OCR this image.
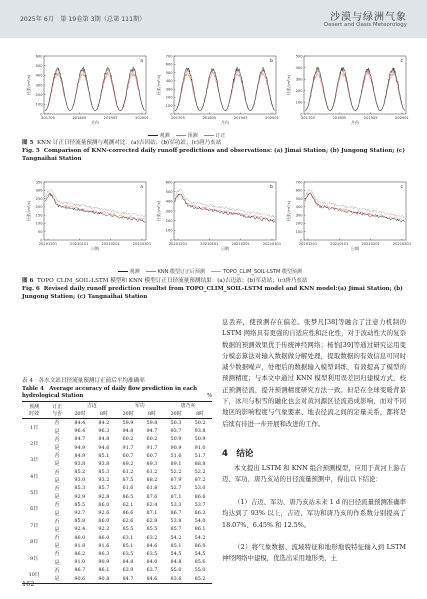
2025年 6月　第 19卷第 3期（总第 111期）	沙漠与绿洲气象
Desert and Oasis Meteorology
0
100
200
300
400
500
600
201705	201805	201905	202001
a
径流/(m³/s)
月份
0
100
200
300
400
500
600
700
201705	201805	201905	202001
b
径流/(m³/s)
月份
0
100
200
300
400
500
201705	201805	201905	202001
c
径流/(m³/s)
月份
观测	预测	订正
图 5 KNN 订正日径流量预测与观测对比：(a)吉因站；(b)军功站；(c)唐乃亥站
Fig. 5 Comparison of KNN-corrected daily runoff predictions and observations: (a) Jimai Station; (b) Jungong Station; (c) Tangnaihai Station
0
50
100
150
200
250
300
350
20201201	20210101	20210201	20210301
a
径流/(m³/s)
日期
0
100
200
300
400
500
600
20201201	20210101	20210201	20210301
b
径流/(m³/s)
日期
0
100
200
300
400
500
600
700
20201201	20210101	20210201	20210301
c
径流/(m³/s)
日期
观测	KNN 模型订正后预测	TOPO_CLIM_SOIL-LSTM 模型预测
图 6 TOPO_CLIM_SOIL-LSTM 模型和 KNN 模型订正日径流量预测结果：(a)吉迈站；(b)军功站；(c)唐乃亥站
Fig. 6 Revised daily runoff prediction resultst from TOPO_CLIM_SOIL-LSTM model and KNN model:(a) Jimai Station; (b) Jungong Station; (c) Tangnaihai Station
表 4　各水文站日径流量预测订正前后平均准确率
Table 4　Average accuracy of daily flow prediction in each hydrological Station	%
预测
时效	订正
与否	吉迈		军功		唐乃亥	
		20时	8时	20时	8时	20时	8时
1日	否	84.4	84.2	59.9	59.8	50.3	50.2
	是	96.4	96.3	94.8	94.7	93.7	93.8
2日	否	84.7	84.8	60.2	60.2	50.9	50.9
	是	94.9	94.6	91.7	91.7	90.9	91.0
3日	否	84.9	85.1	60.7	60.7	51.6	51.7
	是	93.8	93.8	89.2	89.3	89.1	88.8
4日	否	85.2	85.3	61.2	61.2	52.2	52.2
	是	93.0	93.2	87.5	88.2	87.9	87.2
5日	否	85.3	85.7	61.6	61.8	52.7	53.0
	是	92.9	92.8	86.5	87.6	87.1	86.6
6日	否	85.5	86.0	62.1	62.4	53.3	53.7
	是	92.7	92.6	86.6	87.1	86.7	86.2
7日	否	85.8	86.0	62.6	62.8	53.8	54.0
	是	92.4	92.2	85.5	85.5	85.7	86.1
8日	否	86.0	86.0	63.1	63.2	54.2	54.2
	是	91.8	91.6	85.1	84.6	85.1	86.0
9日	否	86.2	86.3	63.5	63.5	54.5	54.5
	是	91.0	90.9	84.8	84.0	84.8	85.6
10日	否	86.7	86.1	63.9	63.7	55.0	55.0
	是	90.6	90.8	84.7	84.6	83.6	85.2
息丢弃，使预测存在偏差。张梦凡[38]等融合了注意力机制的 LSTM 网络具有更强的自适应性和泛化性，对于波动性大的复杂数据的预测效果优于传统神经网络；杨怡[39]等通过研究运用变分模态算法对输入数据做分解处理，提取数据的有效信息可同时减少数据噪声，处理后的数据输入模型训练，有效提高了模型的预测精度；与本文中通过 KNN 模型利用误差回归建模方式，校正预测径流，提升预测精度研究方法一致。但是在全球变暖背景下，冰川与积雪的融化也会对黄河源区径流造成影响，而对不同地区的影响程度与气象要素、地表径流之间的定量关系，都将是后续有待进一步开展和改进的工作。
4　结论
本文提出 LSTM 和 KNN 组合预测模型，应用于黄河上游吉迈、军功、唐乃亥站的日径流量预测中，得出以下结论：
（1）吉迈、军功、唐乃亥站未来 1 d 的日径流量预测准确率均达到了 93% 以上，吉迈、军功和唐乃亥的作系数分别提高了 18.07%、6.45% 和 12.5%。
（2）将气象数据、流域特征和地形地貌特征输入到 LSTM 神经网络中建模，优选出采用地形类、土
162
